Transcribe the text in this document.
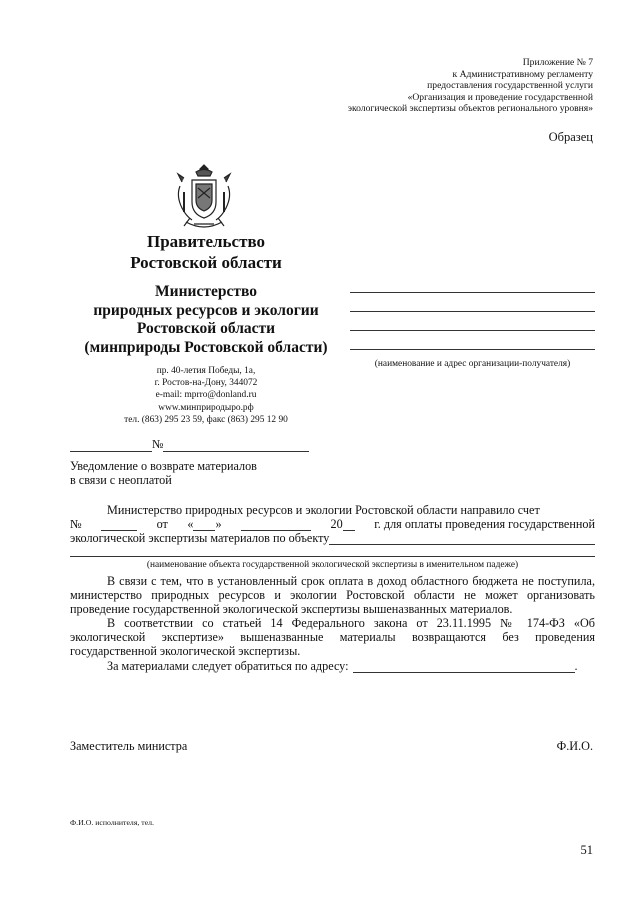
Приложение № 7
к Административному регламенту
предоставления государственной услуги
«Организация и проведение государственной
экологической экспертизы объектов регионального уровня»
Образец
Правительство
Ростовской области
Министерство
природных ресурсов и экологии
Ростовской области
(минприроды Ростовской области)
пр. 40-летия Победы, 1а,
г. Ростов-на-Дону, 344072
e-mail: mprro@donland.ru
www.минприродыро.рф
тел. (863) 295 23 59, факс (863) 295 12 90
(наименование и адрес организации-получателя)
№
Уведомление о возврате материалов
в связи с неоплатой

Министерство природных ресурсов и экологии Ростовской области направило счет

№	от « »	20	г. для оплаты проведения государственной
экологической экспертизы материалов по объекту
(наименование объекта государственной экологической экспертизы в именительном падеже)

В связи с тем, что в установленный срок оплата в доход областного бюджета не поступила, министерство природных ресурсов и экологии Ростовской области не может организовать проведение государственной экологической экспертизы вышеназванных материалов.

В соответствии со статьей 14 Федерального закона от 23.11.1995 № 174-ФЗ «Об экологической экспертизе» вышеназванные материалы возвращаются без проведения государственной экологической экспертизы.

За материалами следует обратиться по адресу:	.
Заместитель министра	Ф.И.О.
Ф.И.О. исполнителя, тел.
51
